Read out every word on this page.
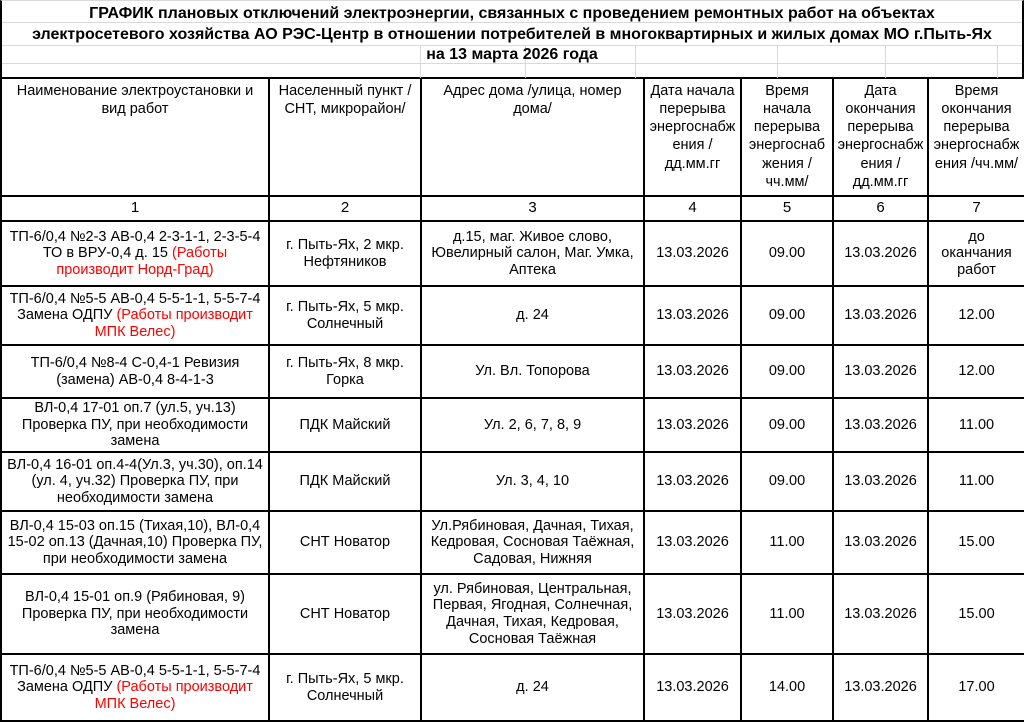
ГРАФИК плановых отключений электроэнергии, связанных с проведением ремонтных работ на объектах
электросетевого хозяйства АО РЭС-Центр в отношении потребителей в многоквартирных и жилых домах МО г.Пыть-Ях
на 13 марта 2026 года
Наименование электроустановки и вид работ	Населенный пункт /СНТ, микрорайон/	Адрес дома /улица, номер дома/	Дата начала перерыва энергоснабжения /дд.мм.гг	Время начала перерыва энергоснабжения /чч.мм/	Дата окончания перерыва энергоснабжения /дд.мм.гг	Время окончания перерыва энергоснабжения /чч.мм/
1	2	3	4	5	6	7
ТП-6/0,4 №2-3 АВ-0,4 2-3-1-1, 2-3-5-4 ТО в ВРУ-0,4 д. 15 (Работы производит Норд-Град)	г. Пыть-Ях, 2 мкр. Нефтяников	д.15, маг. Живое слово, Ювелирный салон, Маг. Умка, Аптека	13.03.2026	09.00	13.03.2026	до оканчания работ
ТП-6/0,4 №5-5 АВ-0,4 5-5-1-1, 5-5-7-4 Замена ОДПУ (Работы производит МПК Велес)	г. Пыть-Ях, 5 мкр. Солнечный	д. 24	13.03.2026	09.00	13.03.2026	12.00
ТП-6/0,4 №8-4 С-0,4-1 Ревизия (замена) АВ-0,4 8-4-1-3	г. Пыть-Ях, 8 мкр. Горка	Ул. Вл. Топорова	13.03.2026	09.00	13.03.2026	12.00
ВЛ-0,4 17-01 оп.7 (ул.5, уч.13) Проверка ПУ, при необходимости замена	ПДК Майский	Ул. 2, 6, 7, 8, 9	13.03.2026	09.00	13.03.2026	11.00
ВЛ-0,4 16-01 оп.4-4(Ул.3, уч.30), оп.14 (ул. 4, уч.32) Проверка ПУ, при необходимости замена	ПДК Майский	Ул. 3, 4, 10	13.03.2026	09.00	13.03.2026	11.00
ВЛ-0,4 15-03 оп.15 (Тихая,10), ВЛ-0,4 15-02 оп.13 (Дачная,10) Проверка ПУ, при необходимости замена	СНТ Новатор	Ул.Рябиновая, Дачная, Тихая, Кедровая, Сосновая Таёжная, Садовая, Нижняя	13.03.2026	11.00	13.03.2026	15.00
ВЛ-0,4 15-01 оп.9 (Рябиновая, 9) Проверка ПУ, при необходимости замена	СНТ Новатор	ул. Рябиновая, Центральная, Первая, Ягодная, Солнечная, Дачная, Тихая, Кедровая, Сосновая Таёжная	13.03.2026	11.00	13.03.2026	15.00
ТП-6/0,4 №5-5 АВ-0,4 5-5-1-1, 5-5-7-4 Замена ОДПУ (Работы производит МПК Велес)	г. Пыть-Ях, 5 мкр. Солнечный	д. 24	13.03.2026	14.00	13.03.2026	17.00
